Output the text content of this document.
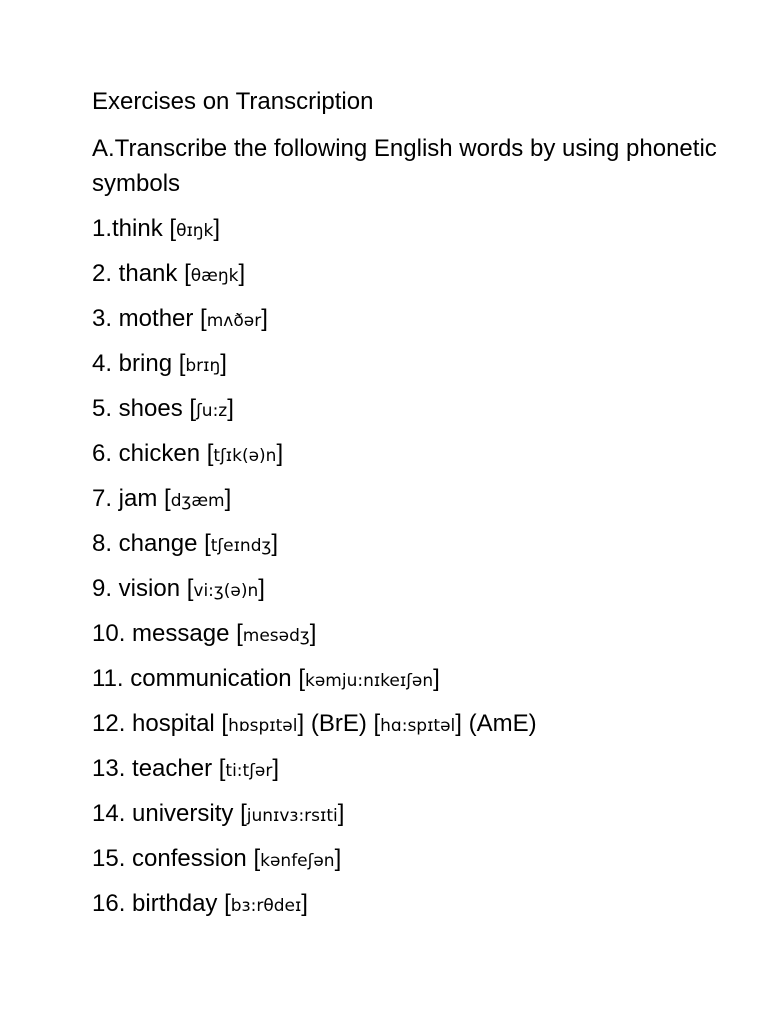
Exercises on Transcription
A.Transcribe the following English words by using phonetic symbols
1.think [θɪŋk]
2. thank [θæŋk]
3. mother [mʌðər]
4. bring [brɪŋ]
5. shoes [ʃu:z]
6. chicken [tʃɪk(ə)n]
7. jam [dʒæm]
8. change [tʃeɪndʒ]
9. vision [vi:ʒ(ə)n]
10. message [mesədʒ]
11. communication [kəmju:nɪkeɪʃən]
12. hospital [hɒspɪtəl] (BrE) [hɑ:spɪtəl] (AmE)
13. teacher [ti:tʃər]
14. university [junɪvɜ:rsɪti]
15. confession [kənfeʃən]
16. birthday [bɜ:rθdeɪ]
